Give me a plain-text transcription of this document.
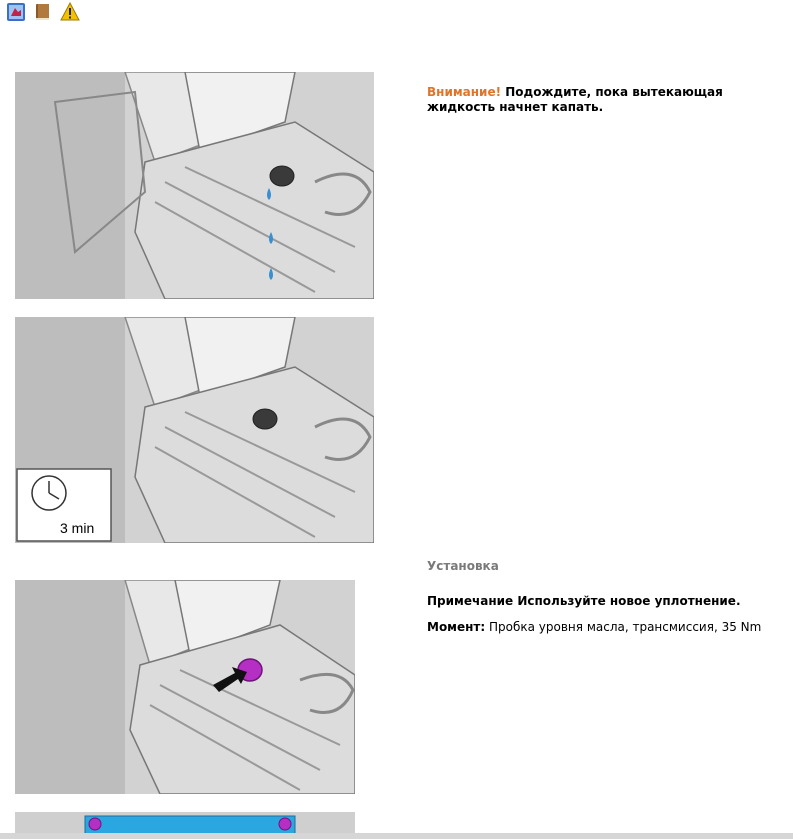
3 min
Внимание! Подождите, пока вытекающая жидкость начнет капать.
Установка
Примечание Используйте новое уплотнение.
Момент: Пробка уровня масла, трансмиссия, 35 Nm
